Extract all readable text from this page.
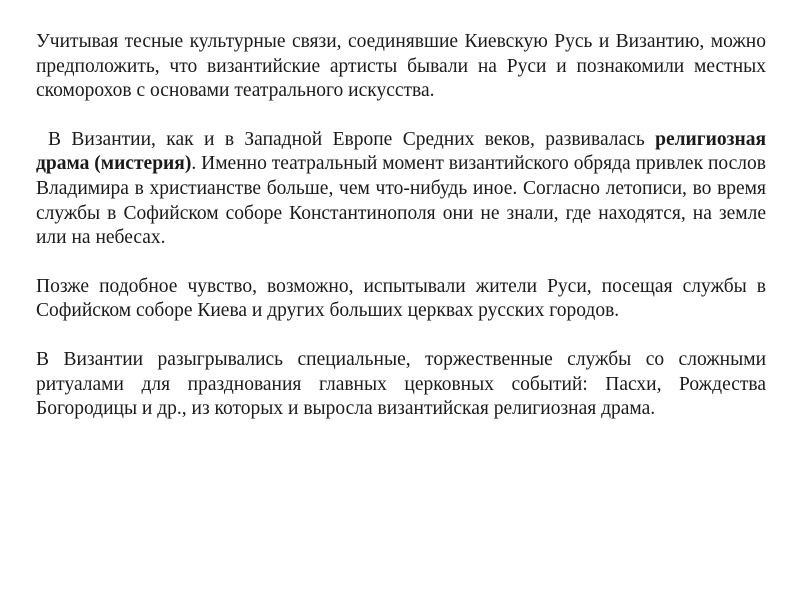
Учитывая тесные культурные связи, соединявшие Киевскую Русь и Византию, можно предположить, что византийские артисты бывали на Руси и познакомили местных скоморохов с основами театрального искусства.

В Византии, как и в Западной Европе Средних веков, развивалась религиозная драма (мистерия). Именно театральный момент византийского обряда привлек послов Владимира в христианстве больше, чем что-нибудь иное. Согласно летописи, во время службы в Софийском соборе Константинополя они не знали, где находятся, на земле или на небесах.

Позже подобное чувство, возможно, испытывали жители Руси, посещая службы в Софийском соборе Киева и других больших церквах русских городов.

В Византии разыгрывались специальные, торжественные службы со сложными ритуалами для празднования главных церковных событий: Пасхи, Рождества Богородицы и др., из которых и выросла византийская религиозная драма.
